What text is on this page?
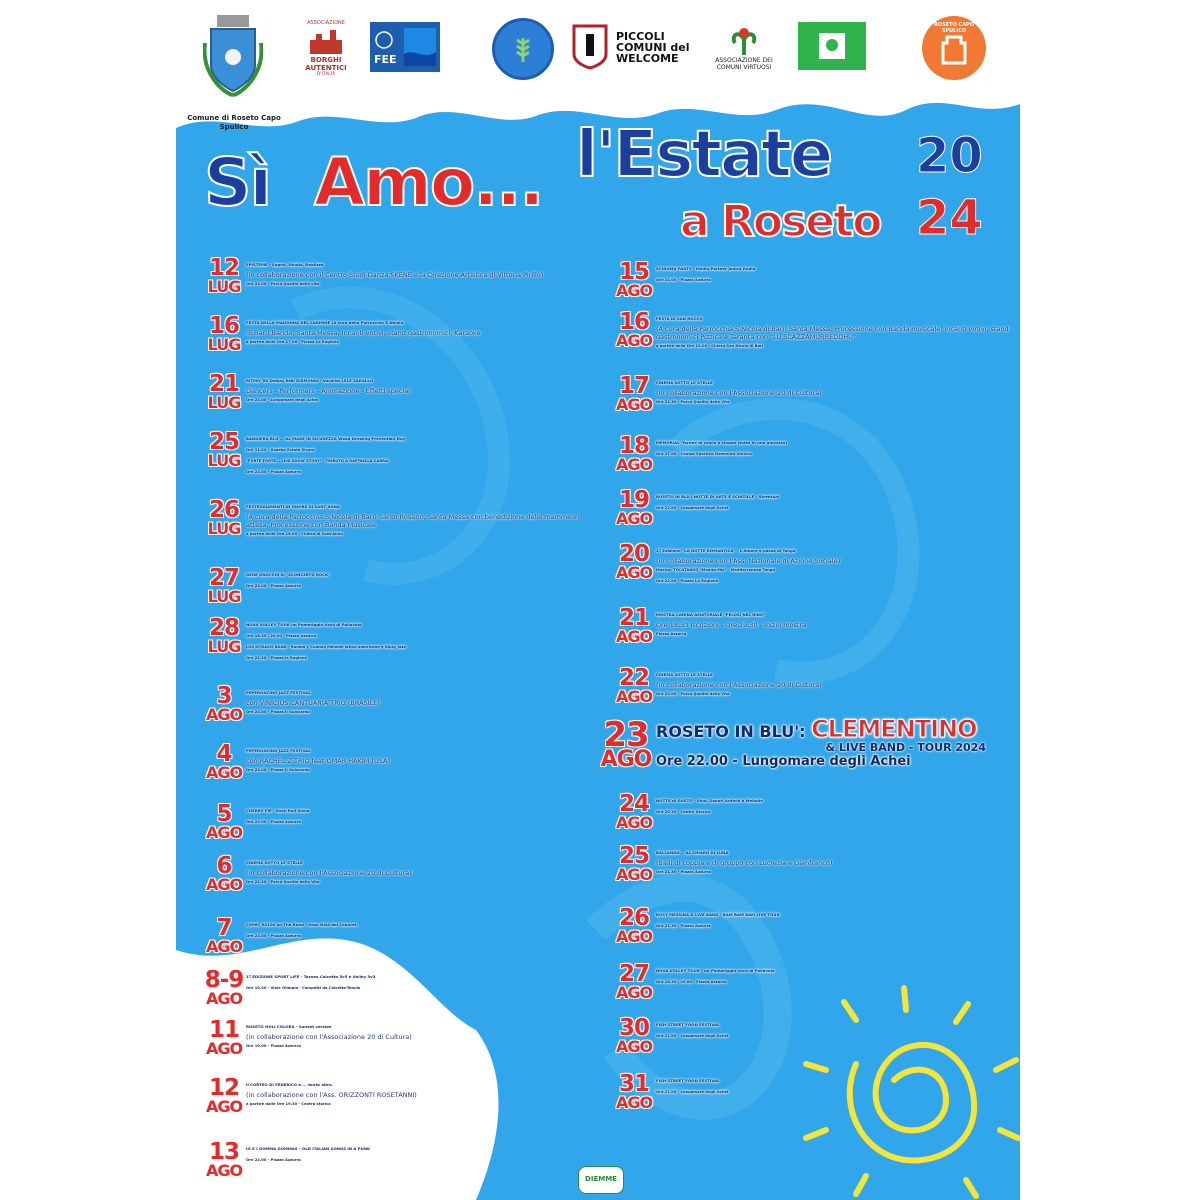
Comune di Roseto Capo Spulico
ASSOCIAZIONE
BORGHI AUTENTICI
D'ITALIA
FEE
PICCOLI
COMUNI del
WELCOME	ASSOCIAZIONE DEI COMUNI VIRTUOSI
ROSETO CAPO SPULICO
Sì Amo... l'Estate
a Roseto
20
24
12
LUG
EPISTEME - Sogna, Studia, Realizza
(in collaborazione con il Centro Studi Danza SKENE e la Direzione Artistica di Vittoria Pirillo)
Ore 22.00 - Parco Qualità della vita
16
LUG
FESTA DELLA MADONNA DEL CARMINE (A cura della Parrocchia S.Nicola
di Bari) Banda, Santa Messa, Incanti votivi, stand gastronomici, Karaoke
a partire dalle Ore 17.00 - Piazza La Ragione
21
LUG
RITMO '80 Deejay BIBI GISMONDI - Vocalist LELE SARALLO
Dancers - Performers - Animazione - Effetti speciali
Ore 22.00 - Lungomare degli Achei
25
LUG
BANDIERA BLU'... AL MARE IN SICUREZZA Wood Drowing Prevention Day
Ore 11.00 - Gazebo Estate Sicura
"FORTE FORTE... LIVE SHOW STORY" - TRIBUTO A RAFFAELLA CARRA'
Ore 22.00 - Piazza Azzurra
26
LUG
FESTEGGIAMENTI IN ONORE DI SANT'ANNA
(A cura della Parrocchia S.Nicola di Bari) Santo Rosario, Santa Messa con benedizione delle mamme in attesa, Processione con Banda Musicale
a partire dalle Ore 18.00 - Chiesa di Sant'Anna
27
LUG
GENE GNOCCHI in "SCONCERTO ROCK"
Ore 22.00 - Piazza Azzurra
28
LUG
NOVA VOLLEY TOUR un Pomeriggio ricco di Pallavolo
Ore 18.30 / 20.00 - Piazza Azzurra
LOS GITANOS BAND - Rumba y Cumbia Melodie latino americane e Gipsy Jazz
Ore 21.30 - Piazza la Ragione
3
AGO
PEPERONCINO JAZZ FESTIVAL
con VINICIUS CANTUARIA TRIO (BRASILE)
Ore 22.00 - Piazza Il Guiscardo
4
AGO
PEPERONCINO JAZZ FESTIVAL
con RACHEL Z TRIO feat OMAR HAKIM (USA)
Ore 22.00 - Piazza Il Guiscardo
5
AGO
CHERRY PIE - Rock'Roll Show
Ore 22.00 - Piazza Azzurra
6
AGO
CINEMA SOTTO LE STELLE
(in collaborazione con l'Associazione 20 di Cultura)
Ore 21.30 - Parco Qualità della Vita
7
AGO
COMIC 90100 on The Road - Gran Galà del Cabaret
Ore 22.00 - Piazza Azzurra
8-9
AGO
1ª EDIZIONE SPORT LIFE - Torneo Calcetto 5v5 e Volley 3v3
Ore 19.00 - Viale Olimpia - Campetti da Calcetto-Tennis
11
AGO
ROSETO HOLI COLORS - Sunset version
(in collaborazione con l'Associazione 20 di Cultura)
Ore 19.00 - Piazza Azzurra
12
AGO
Il CORTEO DI FEDERICO e.... tanto altro
(in collaborazione con l'Ass. ORIZZONTI ROSETANNI)
a partire dalle Ore 19.30 - Centro storico
13
AGO
IO E I GOMMA GOMMAS - OLD ITALIAN SONGS IN A PUNK
Ore 22.00 - Piazza Azzurra
15
AGO
SCHIUMA PARTY - Media Partner Jonica Radio
Ore 22.00 - Piazza Azzurra
16
AGO
FESTA DI SAN ROCCO
(A cura della Parrocchia S.Nicola di Bari) Santa Messa, Processione con Banda musicale, Incanti votivi, stand gastronomici Pizzica e Taranta con "LU SCAZZAMURREDDHU"
a partire dalle Ore 19.00 - Chiesa San Nicola di Bari
17
AGO
CINEMA SOTTO LE STELLE
(in collaborazione con l'Associazione 20 di Cultura)
Ore 21.30 - Parco Qualità della Vita
18
AGO
MEMORIAL -Torneo di calcio a cinque (tutto in una giornata)
Ore 17.00 - Campo Sportivo Domenico Varlaro
19
AGO
ROSETO IN BLU': NOTTE DI ARTE E SCINTILLE - StreetArt
Ore 22.00 - Lungomare degli Achei
20
AGO
1ª Edizione "LA NOTTE ROMANTICA" - L'Amore a passo di Tango
(in collaborazione con l'Ass. Nazionale di Azione Sociale)
Musica: TOCATANGO "Manita Mia" - Mediterranean Tango
Ore 22.00 - Piazza La Ragione
21
AGO
MOSTRA CANINA AMATORIALE "PELOSI NEL RING"
Ore 18.30 Iscrizioni - Ore 19.30 - Inizio mostra
Piazza Azzurra
22
AGO
CINEMA SOTTO LE STELLE
(in collaborazione con l'Associazione 20 di Cultura)
Ore 22.00 - Parco Qualità della Vita
24
AGO
NOTTE di GUSTO - Vino, Sapori Antichi e Melodie
Ore 20.30 - Centro Storico
25
AGO
BALLANDO... AL CHIARO DI LUNA
(Balli di coppia e di gruppo con Lucrezia e Gianfranco)
Ore 21.30 - Piazza Azzurra
26
AGO
ROSY MESSINA & LIVE BAND - BAM BAM BAM LIVE TOUR
Ore 21.30 - Piazza Azzurra
27
AGO
NOVA VOLLEY TOUR - un Pomeriggio ricco di Pallavolo
Ore 18.30 / 20.00 - Piazza Azzurra
30
AGO
FISH STREET FOOD FESTIVAL
Ore 21.00 - Lungomare degli Achei
31
AGO
FISH STREET FOOD FESTIVAL
Ore 21.00 - Lungomare degli Achei
23
AGO
ROSETO IN BLU': CLEMENTINO
& LIVE BAND - TOUR 2024
Ore 22.00 - Lungomare degli Achei
DIEMME
